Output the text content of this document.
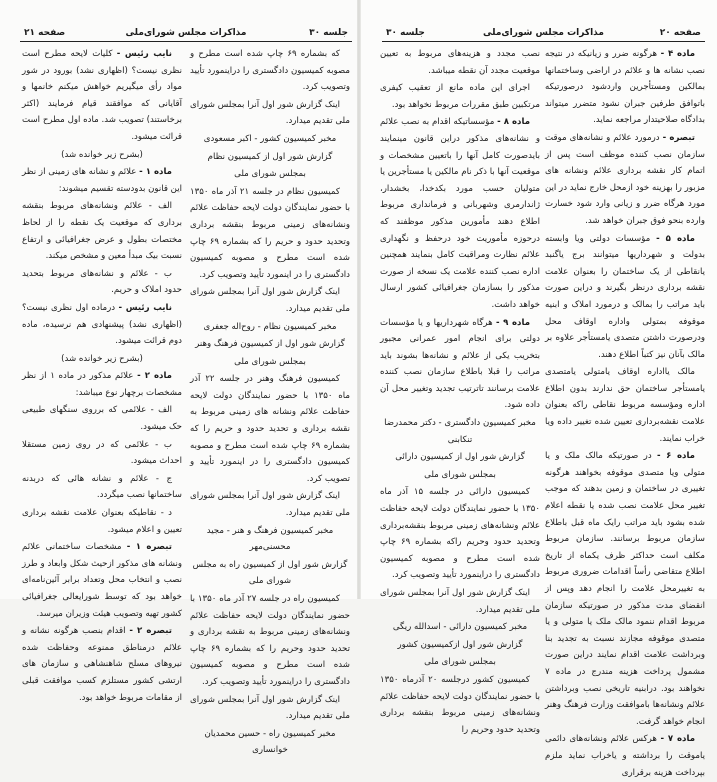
جلسه ۳۰
مذاکرات مجلس شورای‌ملی
صفحه ۲۱	جلسه ۳۰	مذاکرات مجلس شورای‌ملی	صفحه ۲۰

که بشماره ۶۹ چاپ شده است مطرح و مصوبه کمیسیون دادگستری را دراینمورد تأیید وتصویب کرد.

اینک گزارش شور اول آنرا بمجلس شورای ملی تقدیم میدارد.

مخبر کمیسیون کشور - اکبر مسعودی

گزارش شور اول از کمیسیون نظام

بمجلس شورای ملی

کمیسیون نظام در جلسه ۲۱ آذر ماه ۱۳۵۰ با حضور نمایندگان دولت لایحه حفاظت علائم ونشانه‌های زمینی مربوط بنقشه برداری وتحدید حدود و حریم را که بشماره ۶۹ چاپ شده است مطرح و مصوبه کمیسیون دادگستری را در اینمورد تأیید وتصویب کرد.

اینک گزارش شور اول آنرا بمجلس شورای ملی تقدیم میدارد.

مخبر کمیسیون نظام - روح‌اله جعفری

گزارش شور اول از کمیسیون فرهنگ وهنر

بمجلس شورای ملی

کمیسیون فرهنگ وهنر در جلسه ۲۲ آذر ماه ۱۳۵۰ با حضور نمایندگان دولت لایحه حفاظت علائم ونشانه های زمینی مربوط به نقشه برداری و تحدید حدود و حریم را که بشماره ۶۹ چاپ شده است مطرح و مصوبه کمیسیون دادگستری را در اینمورد تأیید و تصویب کرد.

اینک گزارش شور اول آنرا بمجلس شورای ملی تقدیم میدارد.

مخبر کمیسیون فرهنگ و هنر - مجید محسنی‌مهر

گزارش شور اول از کمیسیون راه به مجلس شورای ملی

کمیسیون راه در جلسه ۲۷ آذر ماه ۱۳۵۰ با حضور نمایندگان دولت لایحه حفاظت علائم ونشانه‌های زمینی مربوط به نقشه برداری و تحدید حدود وحریم را که بشماره ۶۹ چاپ شده است مطرح و مصوبه کمیسیون دادگستری را دراینمورد تأیید وتصویب کرد.

اینک گزارش شور اول آنرا بمجلس شورای ملی تقدیم میدارد.

مخبر کمیسیون راه - حسین محمدیان خوانساری

نایب رئیس - کلیات لایحه مطرح است نظری نیست؟ (اظهاری نشد) بورود در شور مواد رأی میگیریم خواهش میکنم خانمها و آقایانی که موافقند قیام فرمایند (اکثر برخاستند) تصویب شد. ماده اول مطرح است قرائت میشود.

(بشرح زیر خوانده شد)

ماده ۱ - علائم و نشانه های زمینی از نظر این قانون بدودسته تقسیم میشوند:

الف - علائم ونشانه‌های مربوط بنقشه برداری که موقعیت یک نقطه را از لحاظ مختصات بطول و عرض جغرافیائی و ارتفاع نسبت بیک مبدأ معین و مشخص میکند.

ب - علائم و نشانه‌های مربوط بتحدید حدود املاک و حریم.

نایب رئیس - درماده اول نظری نیست؟ (اظهاری نشد) پیشنهادی هم نرسیده، ماده دوم قرائت میشود.

(بشرح زیر خوانده شد)

ماده ۲ - علائم مذکور در ماده ۱ از نظر مشخصات برچهار نوع میباشد:

الف - علائمی که برروی سنگهای طبیعی حک میشود.

ب - علائمی که در روی زمین مستقلا احداث میشود.

ج - علائم و نشانه هائی که دربدنه ساختمانها نصب میگردد.

د - نقاطیکه بعنوان علامت نقشه برداری تعیین و اعلام میشود.

تبصره ۱ - مشخصات ساختمانی علائم ونشانه های مذکور ازحیث شکل وابعاد و طرز نصب و انتخاب محل وتعداد برابر آئین‌نامه‌ای خواهد بود که توسط شورایعالی جغرافیائی کشور تهیه وتصویب هیئت وزیران میرسد.

تبصره ۲ - اقدام بنصب هرگونه نشانه و علائم درمناطق ممنوعه وحفاظت شده نیروهای مسلح شاهنشاهی و سازمان های ارتشی کشور مستلزم کسب موافقت قبلی از مقامات مربوط خواهد بود.

ماده ۴ - هرگونه ضرر و زیانیکه در نتیجه نصب نشانه ها و علائم در اراضی وساختمانها بمالکین ومستأجرین واردشود درصورتیکه باتوافق طرفین جبران نشود متضرر میتواند بدادگاه صلاحیتدار مراجعه نماید.

تبصره - درمورد علائم و نشانه‌های موقت سازمان نصب کننده موظف است پس از اتمام کار نقشه برداری علائم ونشانه های مزبور را بهزینه خود ازمحل خارج نماید در این مورد هرگاه ضرر و زیانی وارد شود خسارت وارده بنحو فوق جبران خواهد شد.

ماده ۵ - مؤسسات دولتی ویا وابسته بدولت و شهرداریها میتوانند برج یاگنبد یانقاطی از یک ساختمان را بعنوان علامت نقشه برداری درنظر بگیرند و دراین صورت باید مراتب را بمالک و درمورد املاک و ابنیه موقوفه بمتولی واداره اوقاف محل ودرصورت داشتن متصدی یامستأجر علاوه بر مالک بآنان نیز کتباً اطلاع دهند.

مالک یااداره اوقاف یامتولی یامتصدی یامستأجر ساختمان حق ندارند بدون اطلاع اداره ومؤسسه مربوط نقاطی راکه بعنوان علامت نقشه‌برداری تعیین شده تغییر داده ویا خراب نمایند.

ماده ۶ - در صورتیکه مالک ملک و یا متولی ویا متصدی موقوفه بخواهند هرگونه تغییری در ساختمان و زمین بدهند که موجب تغییر محل علامت نصب شده یا نقطه اعلام شده بشود باید مراتب رایک ماه قبل باطلاع سازمان مربوط برسانند. سازمان مربوط مکلف است حداکثر ظرف یکماه از تاریخ اطلاع متقاضی رأساً اقدامات ضروری مربوط به تغییرمحل علامت را انجام دهد وپس از انقضای مدت مذکور در صورتیکه سازمان مربوط اقدام ننمود مالک ملک یا متولی و یا متصدی موقوفه مجازند نسبت به تجدید بنا وبرداشت علامت اقدام نمایند دراین صورت مشمول پرداخت هزینه مندرج در ماده ۷ نخواهند بود. درابنیه تاریخی نصب وبرداشتن علائم ونشانه‌ها باموافقت وزارت فرهنگ وهنر انجام خواهد گرفت.

ماده ۷ - هرکس علائم ونشانه‌های دائمی یاموقت را برداشته و یاخراب نماید ملزم بپرداخت هزینه برقراری

نصب مجدد و هزینه‌های مربوط به تعیین موقعیت مجدد آن نقطه میباشد.

اجرای این ماده مانع از تعقیب کیفری مرتکبین طبق مقررات مربوط نخواهد بود.

ماده ۸ - مؤسساتیکه اقدام به نصب علائم و نشانه‌های مذکور دراین قانون مینمایند بایدصورت کامل آنها را باتعیین مشخصات و موقعیت آنها با ذکر نام مالکین یا مستأجرین یا متولیان حسب مورد بکدخدا، بخشدار، ژاندارمری وشهربانی و فرمانداری مربوط اطلاع دهند مأمورین مذکور موظفند که درحوزه مأموریت خود درحفظ و نگهداری علائم نظارت ومراقبت کامل بنمایند همچنین اداره نصب کننده علامت یک نسخه از صورت مذکور را بسازمان جغرافیائی کشور ارسال خواهد داشت.

ماده ۹ - هرگاه شهرداریها و یا مؤسسات دولتی برای انجام امور عمرانی مجبور بتخریب یکی از علائم و نشانه‌ها بشوند باید مراتب را قبلا باطلاع سازمان نصب کننده علامت برسانند تاترتیب تجدید وتغییر محل آن داده شود.

مخبر کمیسیون دادگستری - دکتر محمدرضا تنکابنی

گزارش شور اول از کمیسیون دارائی

بمجلس شورای ملی

کمیسیون دارائی در جلسه ۱۵ آذر ماه ۱۳۵۰ با حضور نمایندگان دولت لایحه حفاظت علائم ونشانه‌های زمینی مربوط بنقشه‌برداری وتحدید حدود وحریم راکه بشماره ۶۹ چاپ شده است مطرح و مصوبه کمیسیون دادگستری را دراینمورد تأیید وتصویب کرد.

اینک گزارش شور اول آنرا بمجلس شورای ملی تقدیم میدارد.

مخبر کمیسیون دارائی - اسدالله ریگی

گزارش شور اول ازکمیسیون کشور

بمجلس شورای ملی

کمیسیون کشور درجلسه ۲۰ آذرماه ۱۳۵۰ با حضور نمایندگان دولت لایحه حفاظت علائم ونشانه‌های زمینی مربوط بنقشه برداری وتحدید حدود وحریم را
